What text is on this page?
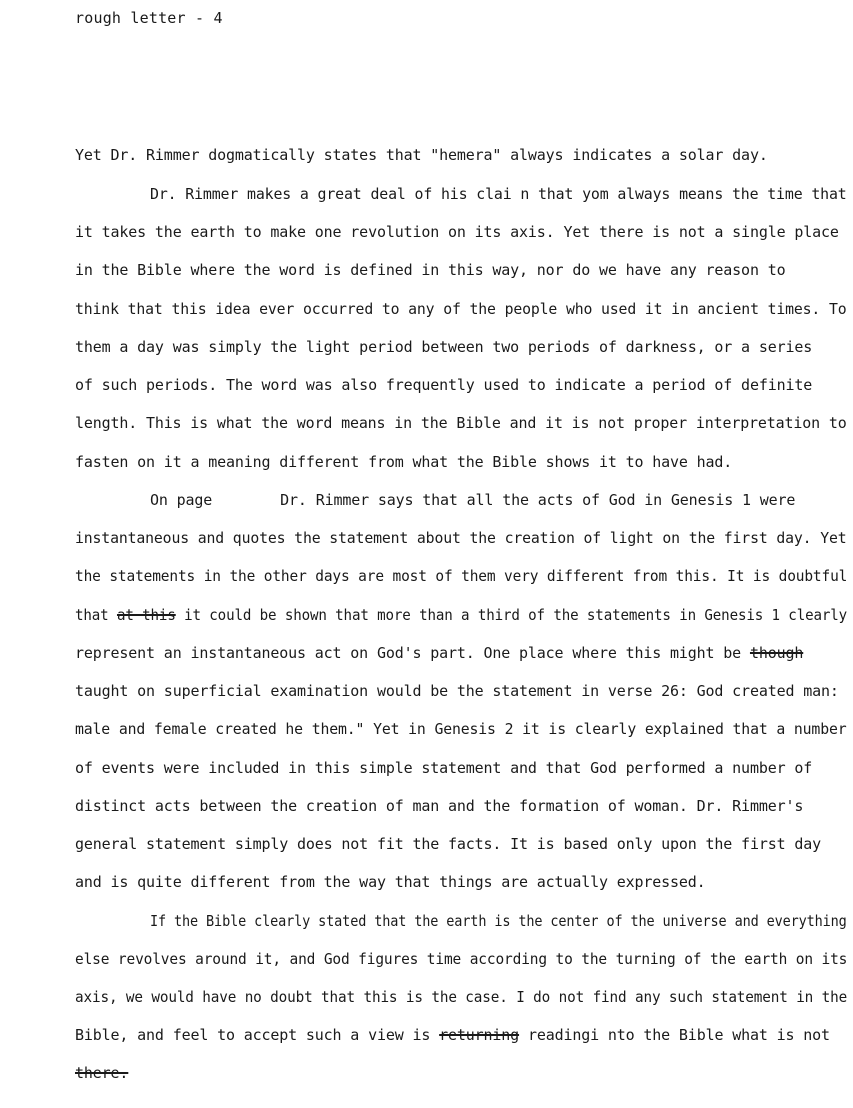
rough letter - 4
Yet Dr. Rimmer dogmatically states that "hemera" always indicates a solar day.
Dr. Rimmer makes a great deal of his clai n that yom always means the time that
it takes the earth to make one revolution on its axis. Yet there is not a single place
in the Bible where the word is defined in this way, nor do we have any reason to
think that this idea ever occurred to any of the people who used it in ancient times. To
them a day was simply the light period between two periods of darkness, or a series
of such periods. The word was also frequently used to indicate a period of definite
length. This is what the word means in the Bible and it is not proper interpretation to
fasten on it a meaning different from what the Bible shows it to have had.
On page	Dr. Rimmer says that all the acts of God in Genesis 1 were
instantaneous and quotes the statement about the creation of light on the first day. Yet
the statements in the other days are most of them very different from this. It is doubtful
that at this it could be shown that more than a third of the statements in Genesis 1 clearly
represent an instantaneous act on God's part. One place where this might be though
taught on superficial examination would be the statement in verse 26: God created man:
male and female created he them." Yet in Genesis 2 it is clearly explained that a number
of events were included in this simple statement and that God performed a number of
distinct acts between the creation of man and the formation of woman. Dr. Rimmer's
general statement simply does not fit the facts. It is based only upon the first day
and is quite different from the way that things are actually expressed.
If the Bible clearly stated that the earth is the center of the universe and everything
else revolves around it, and God figures time according to the turning of the earth on its
axis, we would have no doubt that this is the case. I do not find any such statement in the
Bible, and feel to accept such a view is returning readingi nto the Bible what is not
there.
